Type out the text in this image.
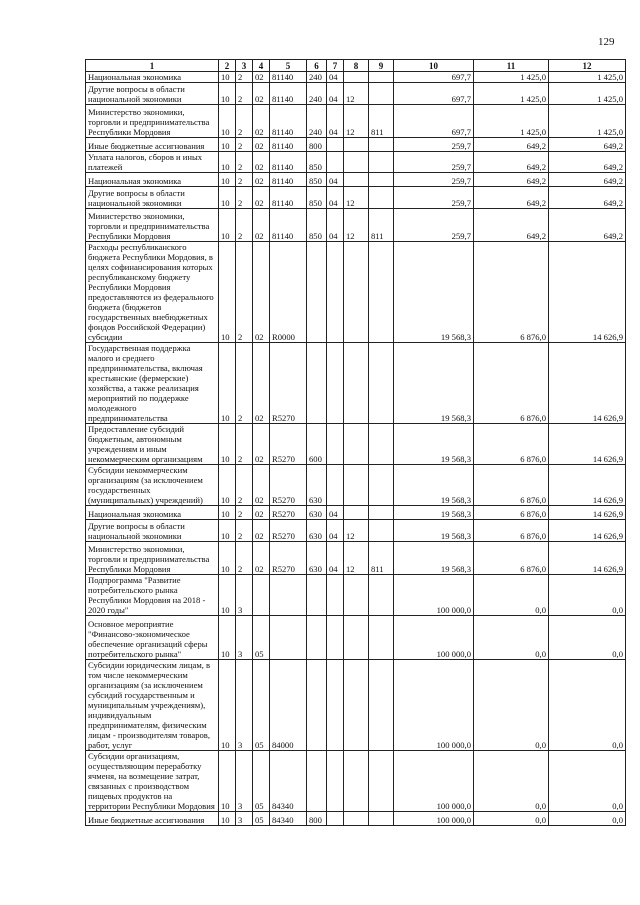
129
1	2	3	4	5	6	7	8	9	10	11	12
Национальная экономика	10	2	02	81140	240	04			697,7	1 425,0	1 425,0
Другие вопросы в области национальной экономики	10	2	02	81140	240	04	12		697,7	1 425,0	1 425,0
Министерство экономики, торговли и предпринимательства Республики Мордовия	10	2	02	81140	240	04	12	811	697,7	1 425,0	1 425,0
Иные бюджетные ассигнования	10	2	02	81140	800				259,7	649,2	649,2
Уплата налогов, сборов и иных платежей	10	2	02	81140	850				259,7	649,2	649,2
Национальная экономика	10	2	02	81140	850	04			259,7	649,2	649,2
Другие вопросы в области национальной экономики	10	2	02	81140	850	04	12		259,7	649,2	649,2
Министерство экономики, торговли и предпринимательства Республики Мордовия	10	2	02	81140	850	04	12	811	259,7	649,2	649,2
Расходы республиканского бюджета Республики Мордовия, в целях софинансирования которых республиканскому бюджету Республики Мордовия предоставляются из федерального бюджета (бюджетов государственных внебюджетных фондов Российской Федерации) субсидии	10	2	02	R0000					19 568,3	6 876,0	14 626,9
Государственная поддержка малого и среднего предпринимательства, включая крестьянские (фермерские) хозяйства, а также реализация мероприятий по поддержке молодежного предпринимательства	10	2	02	R5270					19 568,3	6 876,0	14 626,9
Предоставление субсидий бюджетным, автономным учреждениям и иным некоммерческим организациям	10	2	02	R5270	600				19 568,3	6 876,0	14 626,9
Субсидии некоммерческим организациям (за исключением государственных (муниципальных) учреждений)	10	2	02	R5270	630				19 568,3	6 876,0	14 626,9
Национальная экономика	10	2	02	R5270	630	04			19 568,3	6 876,0	14 626,9
Другие вопросы в области национальной экономики	10	2	02	R5270	630	04	12		19 568,3	6 876,0	14 626,9
Министерство экономики, торговли и предпринимательства Республики Мордовия	10	2	02	R5270	630	04	12	811	19 568,3	6 876,0	14 626,9
Подпрограмма "Развитие потребительского рынка Республики Мордовия на 2018 - 2020 годы"	10	3							100 000,0	0,0	0,0
Основное мероприятие "Финансово-экономическое обеспечение организаций сферы потребительского рынка"	10	3	05						100 000,0	0,0	0,0
Субсидии юридическим лицам, в том числе некоммерческим организациям (за исключением субсидий государственным и муниципальным учреждениям), индивидуальным предпринимателям, физическим лицам - производителям товаров, работ, услуг	10	3	05	84000					100 000,0	0,0	0,0
Субсидии организациям, осуществляющим переработку ячменя, на возмещение затрат, связанных с производством пищевых продуктов на территории Республики Мордовия	10	3	05	84340					100 000,0	0,0	0,0
Иные бюджетные ассигнования	10	3	05	84340	800				100 000,0	0,0	0,0
